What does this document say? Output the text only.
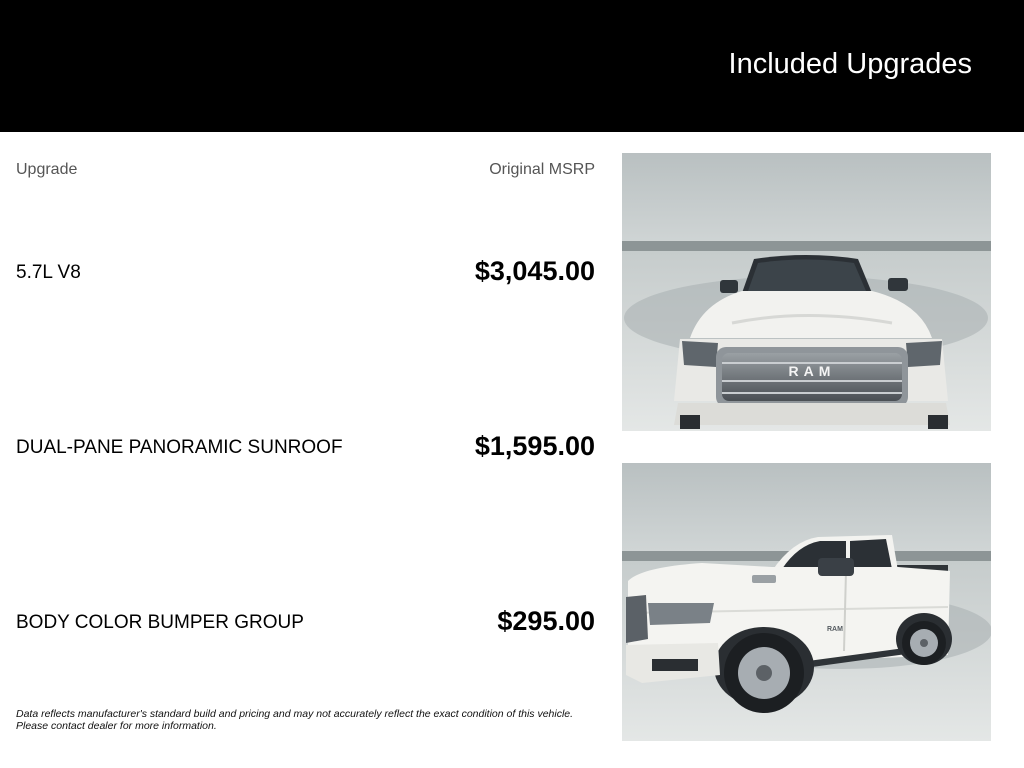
Included Upgrades
Upgrade	Original MSRP
5.7L V8	$3,045.00
DUAL-PANE PANORAMIC SUNROOF	$1,595.00
BODY COLOR BUMPER GROUP	$295.00
Data reflects manufacturer's standard build and pricing and may not accurately reflect the exact condition of this vehicle.
Please contact dealer for more information.
RAM
RAM
